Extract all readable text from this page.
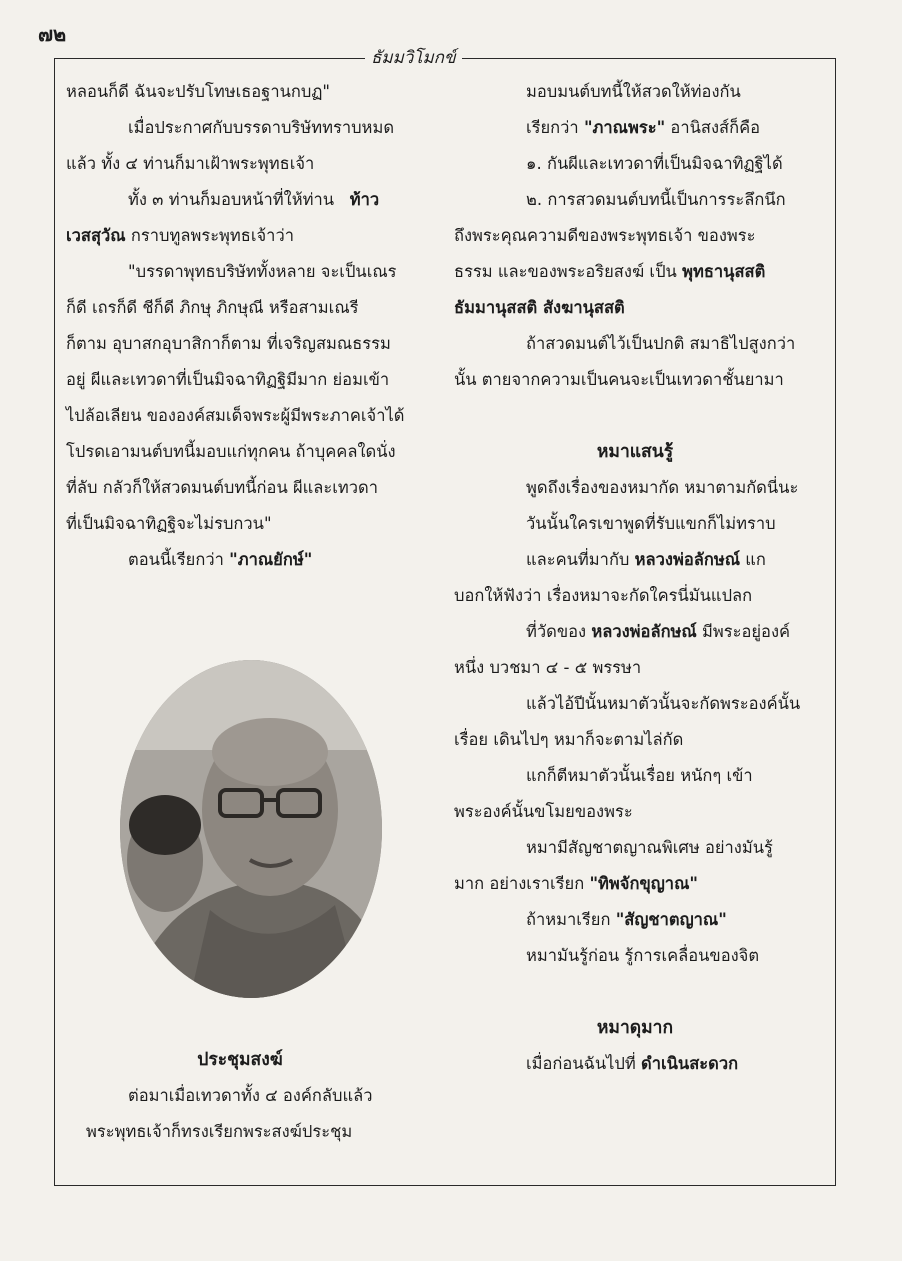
๗๒
ธัมมวิโมกข์
หลอนก็ดี ฉันจะปรับโทษเธอฐานกบฏ"
เมื่อประกาศกับบรรดาบริษัททราบหมด
แล้ว ทั้ง ๔ ท่านก็มาเฝ้าพระพุทธเจ้า
ทั้ง ๓ ท่านก็มอบหน้าที่ให้ท่าน ท้าว
เวสสุวัณ กราบทูลพระพุทธเจ้าว่า
"บรรดาพุทธบริษัททั้งหลาย จะเป็นเณร
ก็ดี เถรก็ดี ชีก็ดี ภิกษุ ภิกษุณี หรือสามเณรี
ก็ตาม อุบาสกอุบาสิกาก็ตาม ที่เจริญสมณธรรม
อยู่ ผีและเทวดาที่เป็นมิจฉาทิฏฐิมีมาก ย่อมเข้า
ไปล้อเลียน ขององค์สมเด็จพระผู้มีพระภาคเจ้าได้
โปรดเอามนต์บทนี้มอบแก่ทุกคน ถ้าบุคคลใดนั่ง
ที่ลับ กลัวก็ให้สวดมนต์บทนี้ก่อน ผีและเทวดา
ที่เป็นมิจฉาทิฏฐิจะไม่รบกวน"
ตอนนี้เรียกว่า "ภาณยักษ์"
ประชุมสงฆ์
ต่อมาเมื่อเทวดาทั้ง ๔ องค์กลับแล้ว
พระพุทธเจ้าก็ทรงเรียกพระสงฆ์ประชุม
มอบมนต์บทนี้ให้สวดให้ท่องกัน
เรียกว่า "ภาณพระ" อานิสงส์ก็คือ
๑. กันผีและเทวดาที่เป็นมิจฉาทิฏฐิได้
๒. การสวดมนต์บทนี้เป็นการระลึกนึก
ถึงพระคุณความดีของพระพุทธเจ้า ของพระ
ธรรม และของพระอริยสงฆ์ เป็น พุทธานุสสติ
ธัมมานุสสติ สังฆานุสสติ
ถ้าสวดมนต์ไว้เป็นปกติ สมาธิไปสูงกว่า
นั้น ตายจากความเป็นคนจะเป็นเทวดาชั้นยามา
หมาแสนรู้
พูดถึงเรื่องของหมากัด หมาตามกัดนี่นะ
วันนั้นใครเขาพูดที่รับแขกก็ไม่ทราบ
และคนที่มากับ หลวงพ่อลักษณ์ แก
บอกให้ฟังว่า เรื่องหมาจะกัดใครนี่มันแปลก
ที่วัดของ หลวงพ่อลักษณ์ มีพระอยู่องค์
หนึ่ง บวชมา ๔ - ๕ พรรษา
แล้วไอ้ปีนั้นหมาตัวนั้นจะกัดพระองค์นั้น
เรื่อย เดินไปๆ หมาก็จะตามไล่กัด
แกก็ตีหมาตัวนั้นเรื่อย หนักๆ เข้า
พระองค์นั้นขโมยของพระ
หมามีสัญชาตญาณพิเศษ อย่างมันรู้
มาก อย่างเราเรียก "ทิพจักขุญาณ"
ถ้าหมาเรียก "สัญชาตญาณ"
หมามันรู้ก่อน รู้การเคลื่อนของจิต
หมาดุมาก
เมื่อก่อนฉันไปที่ ดำเนินสะดวก
